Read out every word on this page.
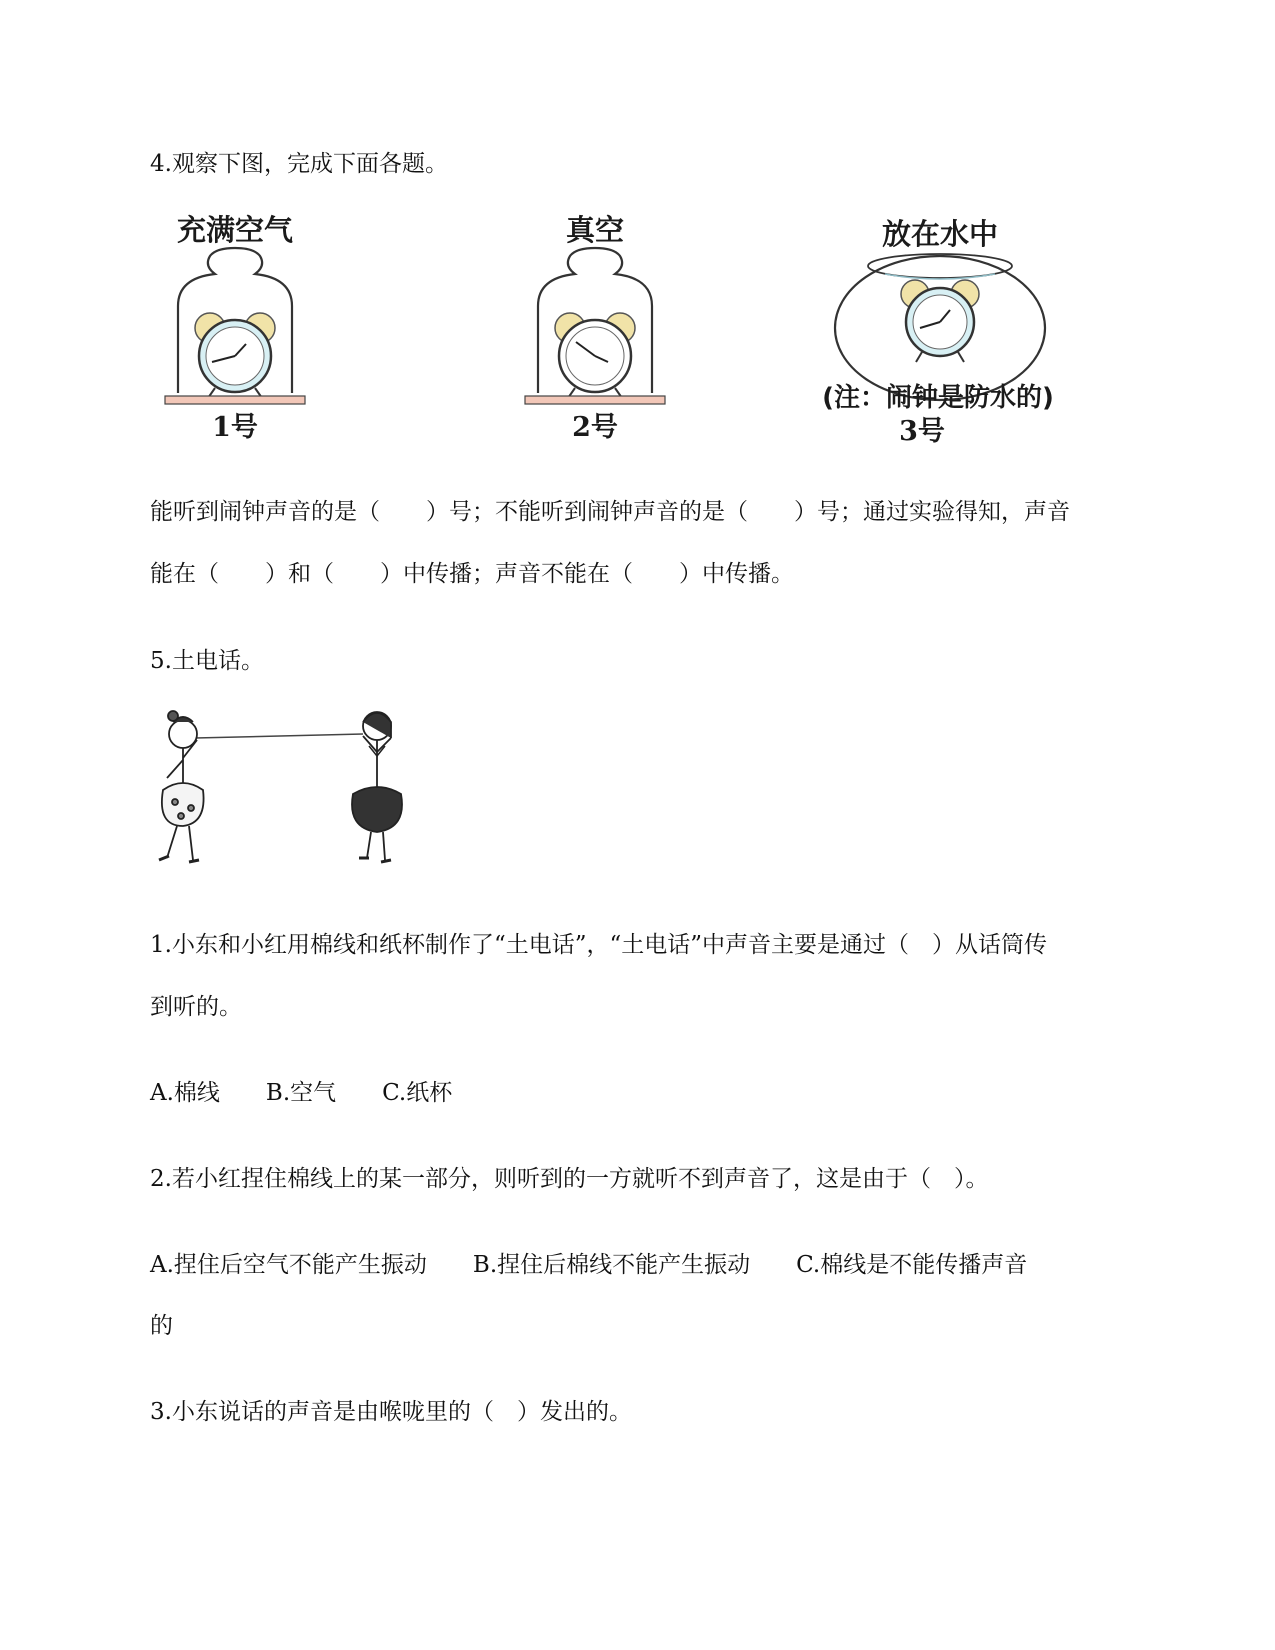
4.观察下图，完成下面各题。

充满空气
1号
真空
2号
放在水中
(注：闹钟是防水的)
3号

能听到闹钟声音的是（　　）号；不能听到闹钟声音的是（　　）号；通过实验得知，声音

能在（　　）和（　　）中传播；声音不能在（　　）中传播。

5.土电话。

1.小东和小红用棉线和纸杯制作了“土电话”，“土电话”中声音主要是通过（　）从话筒传

到听的。

A.棉线　　B.空气　　C.纸杯

2.若小红捏住棉线上的某一部分，则听到的一方就听不到声音了，这是由于（　）。

A.捏住后空气不能产生振动　　B.捏住后棉线不能产生振动　　C.棉线是不能传播声音

的

3.小东说话的声音是由喉咙里的（　）发出的。
